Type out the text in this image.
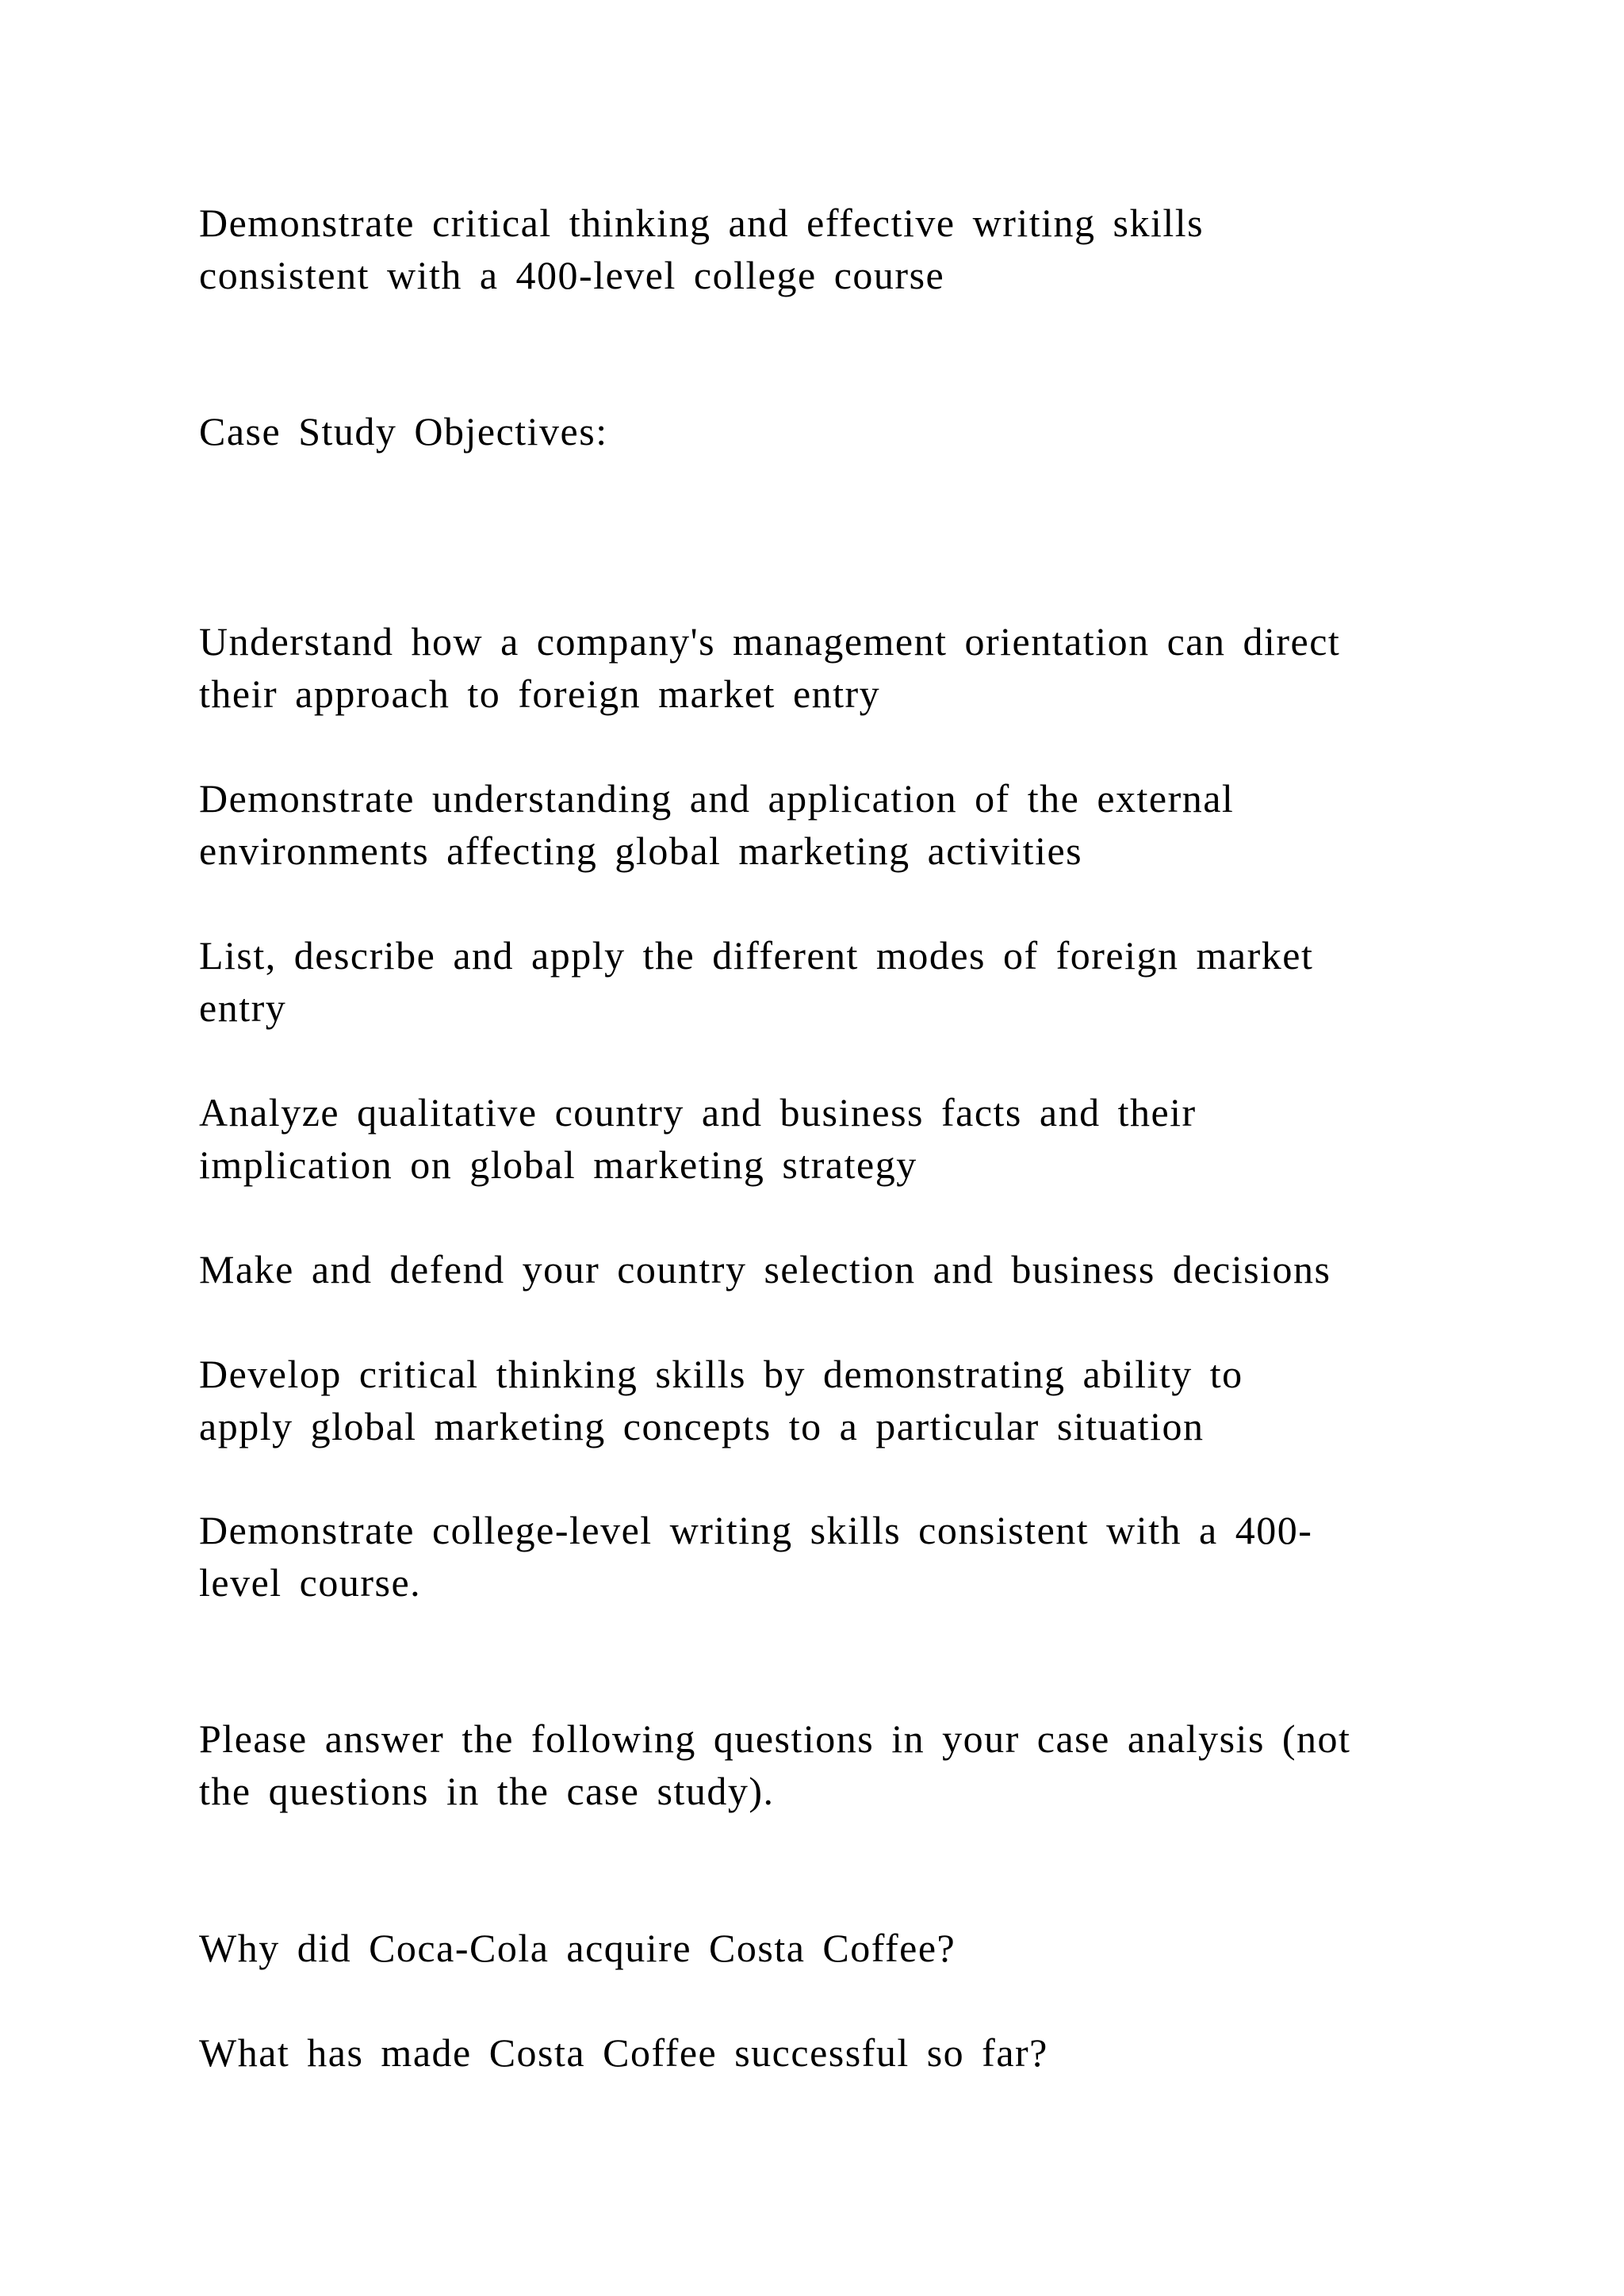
Demonstrate critical thinking and effective writing skills
consistent with a 400-level college course

Case Study Objectives:

Understand how a company's management orientation can direct
their approach to foreign market entry

Demonstrate understanding and application of the external
environments affecting global marketing activities

List, describe and apply the different modes of foreign market
entry

Analyze qualitative country and business facts and their
implication on global marketing strategy

Make and defend your country selection and business decisions

Develop critical thinking skills by demonstrating ability to
apply global marketing concepts to a particular situation

Demonstrate college-level writing skills consistent with a 400-
level course.

Please answer the following questions in your case analysis (not
the questions in the case study).

Why did Coca-Cola acquire Costa Coffee?

What has made Costa Coffee successful so far?
